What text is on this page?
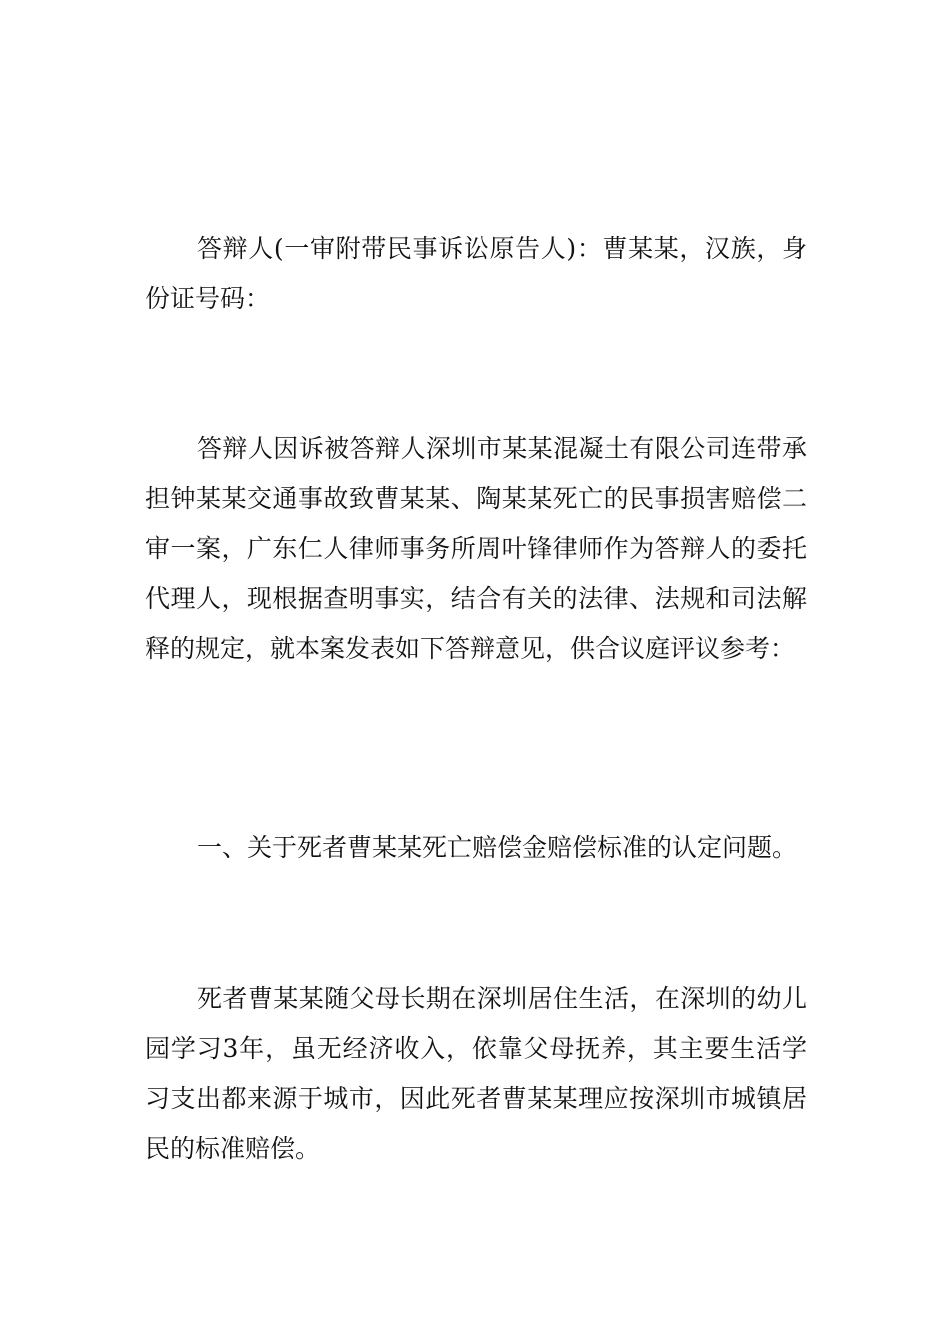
答辩人(一审附带民事诉讼原告人)：曹某某，汉族，身份证号码：

答辩人因诉被答辩人深圳市某某混凝土有限公司连带承担钟某某交通事故致曹某某、陶某某死亡的民事损害赔偿二审一案，广东仁人律师事务所周叶锋律师作为答辩人的委托代理人，现根据查明事实，结合有关的法律、法规和司法解释的规定，就本案发表如下答辩意见，供合议庭评议参考：

一、关于死者曹某某死亡赔偿金赔偿标准的认定问题。

死者曹某某随父母长期在深圳居住生活，在深圳的幼儿园学习3年，虽无经济收入，依靠父母抚养，其主要生活学习支出都来源于城市，因此死者曹某某理应按深圳市城镇居民的标准赔偿。
